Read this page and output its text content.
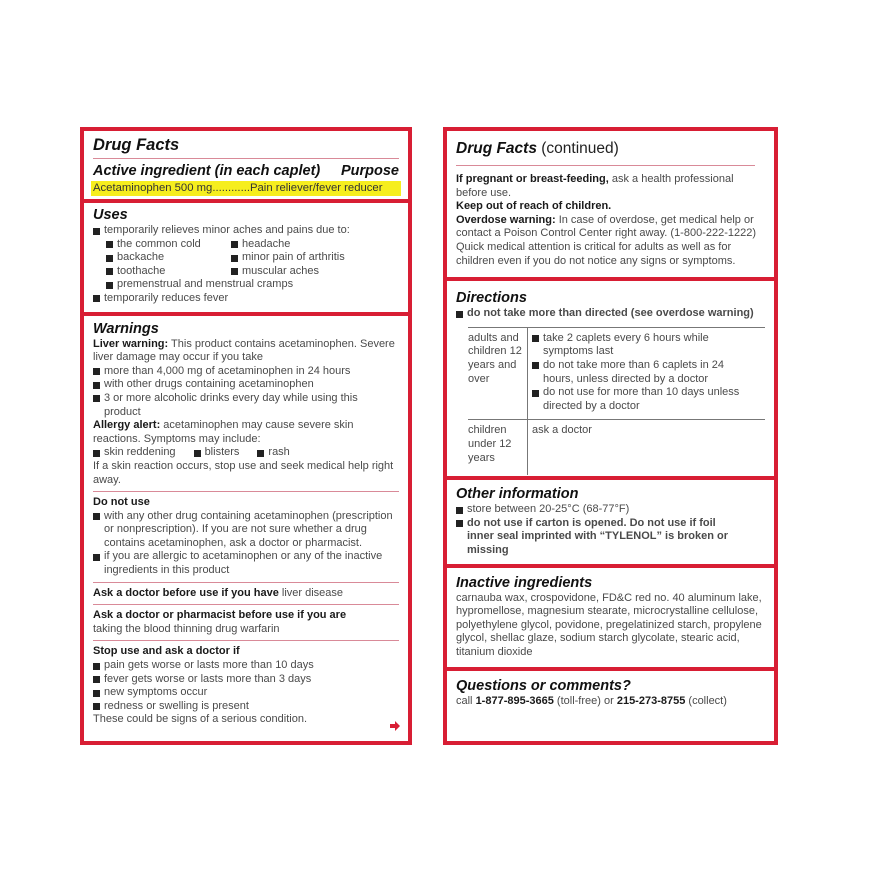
Drug Facts
Active ingredient (in each caplet) Purpose
Acetaminophen 500 mg............Pain reliever/fever reducer
Uses
temporarily relieves minor aches and pains due to:
the common cold	headache
backache	minor pain of arthritis
toothache	muscular aches
premenstrual and menstrual cramps
temporarily reduces fever
Warnings
Liver warning: This product contains acetaminophen. Severe liver damage may occur if you take
more than 4,000 mg of acetaminophen in 24 hours
with other drugs containing acetaminophen
3 or more alcoholic drinks every day while using this product
Allergy alert: acetaminophen may cause severe skin reactions. Symptoms may include:
skin reddening	blisters	rash
If a skin reaction occurs, stop use and seek medical help right away.
Do not use
with any other drug containing acetaminophen (prescription or nonprescription). If you are not sure whether a drug contains acetaminophen, ask a doctor or pharmacist.
if you are allergic to acetaminophen or any of the inactive ingredients in this product
Ask a doctor before use if you have liver disease
Ask a doctor or pharmacist before use if you are
taking the blood thinning drug warfarin
Stop use and ask a doctor if
pain gets worse or lasts more than 10 days
fever gets worse or lasts more than 3 days
new symptoms occur
redness or swelling is present
These could be signs of a serious condition.
Drug Facts (continued)
If pregnant or breast-feeding, ask a health professional before use.
Keep out of reach of children.
Overdose warning: In case of overdose, get medical help or contact a Poison Control Center right away. (1-800-222-1222) Quick medical attention is critical for adults as well as for children even if you do not notice any signs or symptoms.
Directions
do not take more than directed (see overdose warning)
adults and children 12 years and over
take 2 caplets every 6 hours while symptoms last
do not take more than 6 caplets in 24 hours, unless directed by a doctor
do not use for more than 10 days unless directed by a doctor
children under 12 years
ask a doctor
Other information
store between 20-25°C (68-77°F)
do not use if carton is opened. Do not use if foil inner seal imprinted with “TYLENOL” is broken or missing
Inactive ingredients
carnauba wax, crospovidone, FD&C red no. 40 aluminum lake, hypromellose, magnesium stearate, microcrystalline cellulose, polyethylene glycol, povidone, pregelatinized starch, propylene glycol, shellac glaze, sodium starch glycolate, stearic acid, titanium dioxide
Questions or comments?
call 1-877-895-3665 (toll-free) or 215-273-8755 (collect)
